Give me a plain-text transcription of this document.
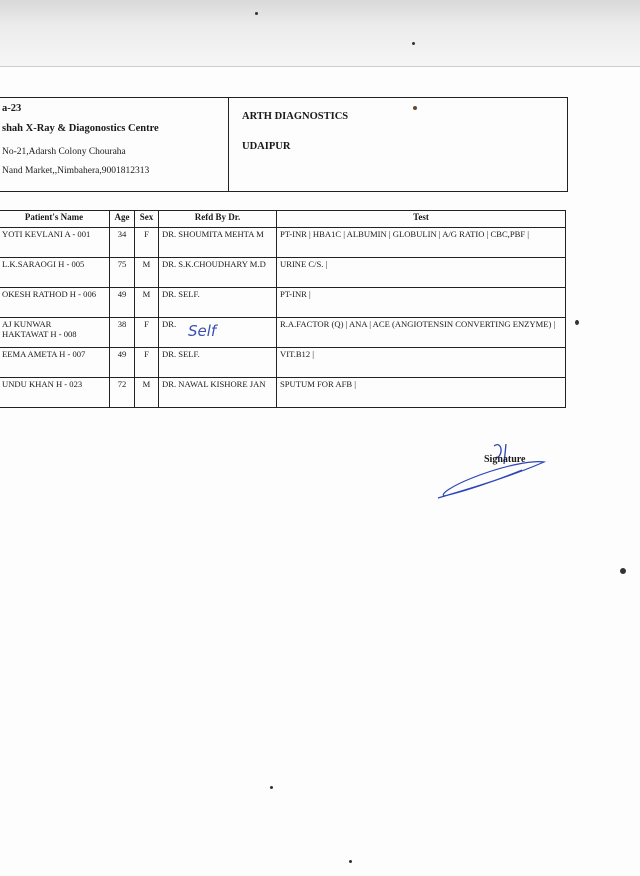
a-23
shah X-Ray & Diagonostics Centre
No-21,Adarsh Colony Chouraha
Nand Market,,Nimbahera,9001812313
ARTH DIAGNOSTICS
UDAIPUR
Patient's Name	Age	Sex	Refd By Dr.	Test
YOTI KEVLANI A - 001	34	F	DR. SHOUMITA MEHTA M	PT-INR | HBA1C | ALBUMIN | GLOBULIN | A/G RATIO | CBC,PBF |
L.K.SARAOGI H - 005	75	M	DR. S.K.CHOUDHARY M.D	URINE C/S. |
OKESH RATHOD H - 006	49	M	DR. SELF.	PT-INR |
AJ KUNWAR
HAKTAWAT H - 008	38	F	DR.	R.A.FACTOR (Q) | ANA | ACE (ANGIOTENSIN CONVERTING ENZYME) |
EEMA AMETA H - 007	49	F	DR. SELF.	VIT.B12 |
UNDU KHAN H - 023	72	M	DR. NAWAL KISHORE JAN	SPUTUM FOR AFB |
Self
Signature
